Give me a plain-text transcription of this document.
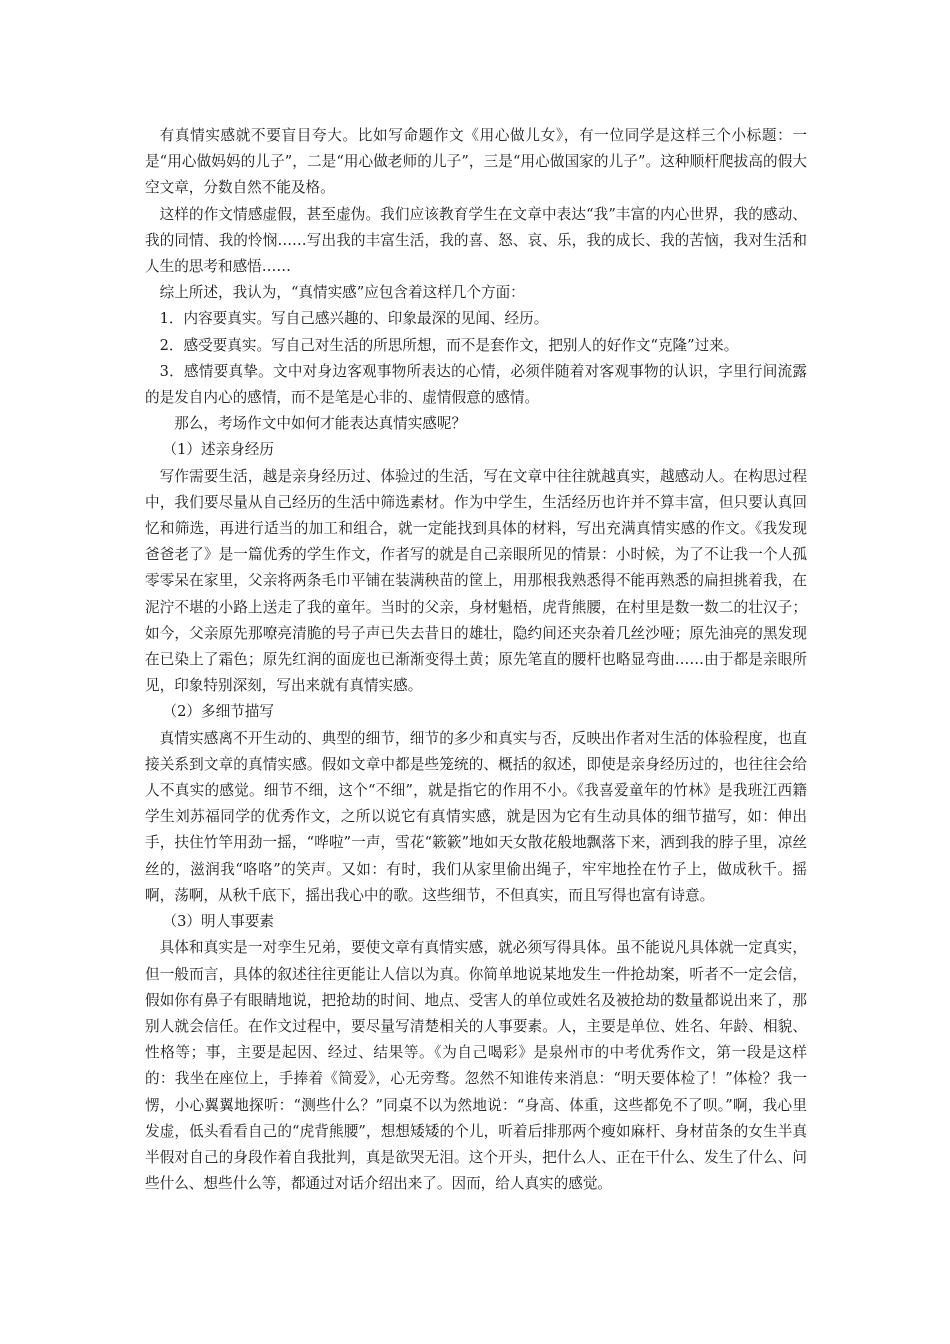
有真情实感就不要盲目夸大。比如写命题作文《用心做儿女》，有一位同学是这样三个小标题：一是“用心做妈妈的儿子”，二是“用心做老师的儿子”，三是“用心做国家的儿子”。这种顺杆爬拔高的假大空文章，分数自然不能及格。

这样的作文情感虚假，甚至虚伪。我们应该教育学生在文章中表达“我”丰富的内心世界，我的感动、我的同情、我的怜悯……写出我的丰富生活，我的喜、怒、哀、乐，我的成长、我的苦恼，我对生活和人生的思考和感悟……

综上所述，我认为，“真情实感”应包含着这样几个方面：

1．内容要真实。写自己感兴趣的、印象最深的见闻、经历。

2．感受要真实。写自己对生活的所思所想，而不是套作文，把别人的好作文“克隆”过来。

3．感情要真挚。文中对身边客观事物所表达的心情，必须伴随着对客观事物的认识，字里行间流露的是发自内心的感情，而不是笔是心非的、虚情假意的感情。

那么，考场作文中如何才能表达真情实感呢？

（1）述亲身经历

写作需要生活，越是亲身经历过、体验过的生活，写在文章中往往就越真实，越感动人。在构思过程中，我们要尽量从自己经历的生活中筛选素材。作为中学生，生活经历也许并不算丰富，但只要认真回忆和筛选，再进行适当的加工和组合，就一定能找到具体的材料，写出充满真情实感的作文。《我发现爸爸老了》是一篇优秀的学生作文，作者写的就是自己亲眼所见的情景：小时候，为了不让我一个人孤零零呆在家里，父亲将两条毛巾平铺在装满秧苗的筐上，用那根我熟悉得不能再熟悉的扁担挑着我，在泥泞不堪的小路上送走了我的童年。当时的父亲，身材魁梧，虎背熊腰，在村里是数一数二的壮汉子；如今，父亲原先那嘹亮清脆的号子声已失去昔日的雄壮，隐约间还夹杂着几丝沙哑；原先油亮的黑发现在已染上了霜色；原先红润的面庞也已渐渐变得土黄；原先笔直的腰杆也略显弯曲……由于都是亲眼所见，印象特别深刻，写出来就有真情实感。

（2）多细节描写

真情实感离不开生动的、典型的细节，细节的多少和真实与否，反映出作者对生活的体验程度，也直接关系到文章的真情实感。假如文章中都是些笼统的、概括的叙述，即使是亲身经历过的，也往往会给人不真实的感觉。细节不细，这个“不细”，就是指它的作用不小。《我喜爱童年的竹林》是我班江西籍学生刘苏福同学的优秀作文，之所以说它有真情实感，就是因为它有生动具体的细节描写，如：伸出手，扶住竹竿用劲一摇，“哗啦”一声，雪花“簌簌”地如天女散花般地飘落下来，洒到我的脖子里，凉丝丝的，滋润我“咯咯”的笑声。又如：有时，我们从家里偷出绳子，牢牢地拴在竹子上，做成秋千。摇啊，荡啊，从秋千底下，摇出我心中的歌。这些细节，不但真实，而且写得也富有诗意。

（3）明人事要素

具体和真实是一对孪生兄弟，要使文章有真情实感，就必须写得具体。虽不能说凡具体就一定真实，但一般而言，具体的叙述往往更能让人信以为真。你简单地说某地发生一件抢劫案，听者不一定会信，假如你有鼻子有眼睛地说，把抢劫的时间、地点、受害人的单位或姓名及被抢劫的数量都说出来了，那别人就会信任。在作文过程中，要尽量写清楚相关的人事要素。人，主要是单位、姓名、年龄、相貌、性格等；事，主要是起因、经过、结果等。《为自己喝彩》是泉州市的中考优秀作文，第一段是这样的：我坐在座位上，手捧着《简爱》，心无旁骛。忽然不知谁传来消息：“明天要体检了！”体检？我一愣，小心翼翼地探听：“测些什么？”同桌不以为然地说：“身高、体重，这些都免不了呗。”啊，我心里发虚，低头看看自己的“虎背熊腰”，想想矮矮的个儿，听着后排那两个瘦如麻杆、身材苗条的女生半真半假对自己的身段作着自我批判，真是欲哭无泪。这个开头，把什么人、正在干什么、发生了什么、问些什么、想些什么等，都通过对话介绍出来了。因而，给人真实的感觉。
